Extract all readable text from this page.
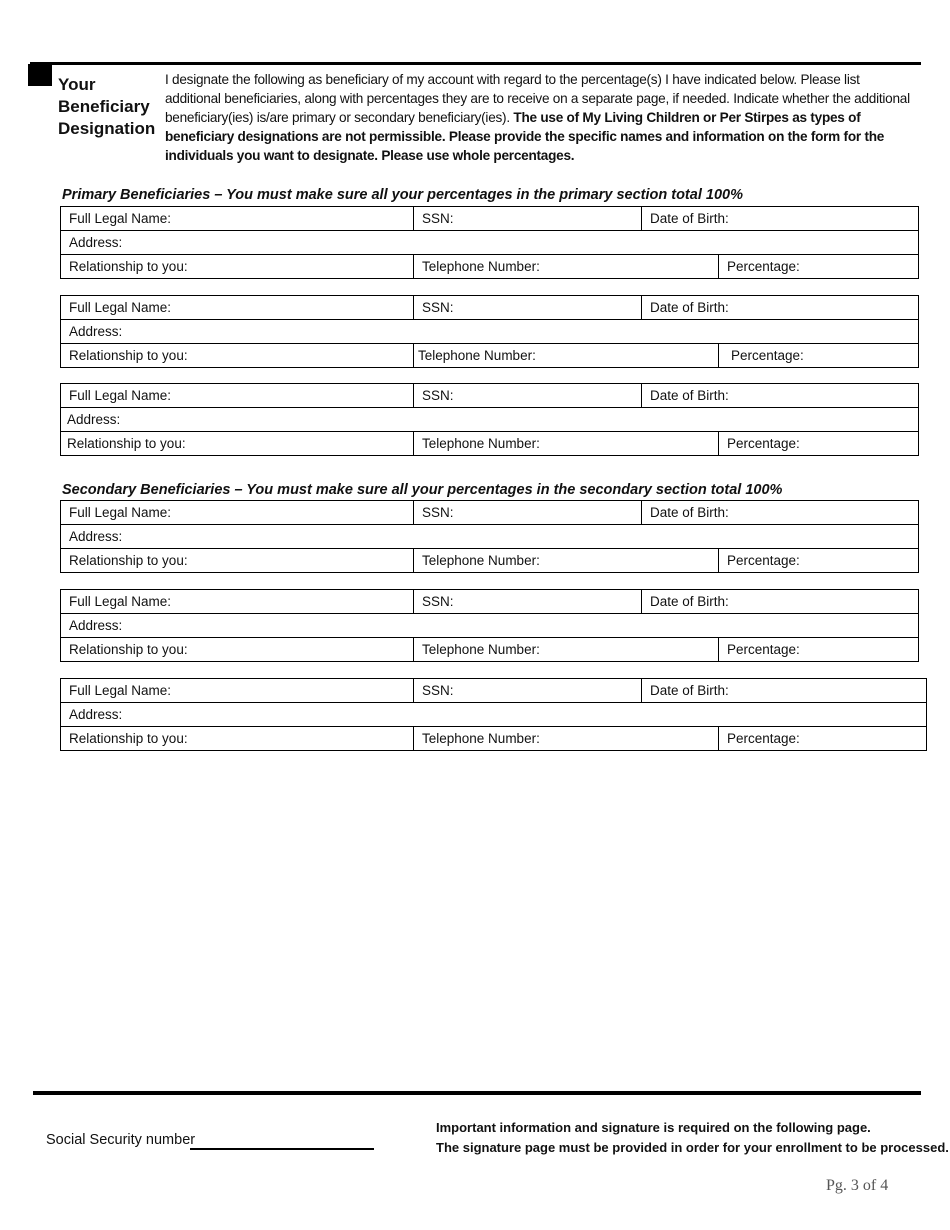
Your
Beneficiary
Designation
I designate the following as beneficiary of my account with regard to the percentage(s) I have indicated below. Please list additional beneficiaries, along with percentages they are to receive on a separate page, if needed. Indicate whether the additional beneficiary(ies) is/are primary or secondary beneficiary(ies). The use of My Living Children or Per Stirpes as types of beneficiary designations are not permissible. Please provide the specific names and information on the form for the individuals you want to designate. Please use whole percentages.
Primary Beneficiaries – You must make sure all your percentages in the primary section total 100%
Full Legal Name:	SSN:	Date of Birth:
Address:
Relationship to you:	Telephone Number:	Percentage:
Full Legal Name:	SSN:	Date of Birth:
Address:
Relationship to you:	Telephone Number:	Percentage:
Full Legal Name:	SSN:	Date of Birth:
Address:
Relationship to you:	Telephone Number:	Percentage:
Secondary Beneficiaries – You must make sure all your percentages in the secondary section total 100%
Full Legal Name:	SSN:	Date of Birth:
Address:
Relationship to you:	Telephone Number:	Percentage:
Full Legal Name:	SSN:	Date of Birth:
Address:
Relationship to you:	Telephone Number:	Percentage:
Full Legal Name:	SSN:	Date of Birth:
Address:
Relationship to you:	Telephone Number:	Percentage:
Social Security number
Important information and signature is required on the following page.
The signature page must be provided in order for your enrollment to be processed.
Pg. 3 of 4
